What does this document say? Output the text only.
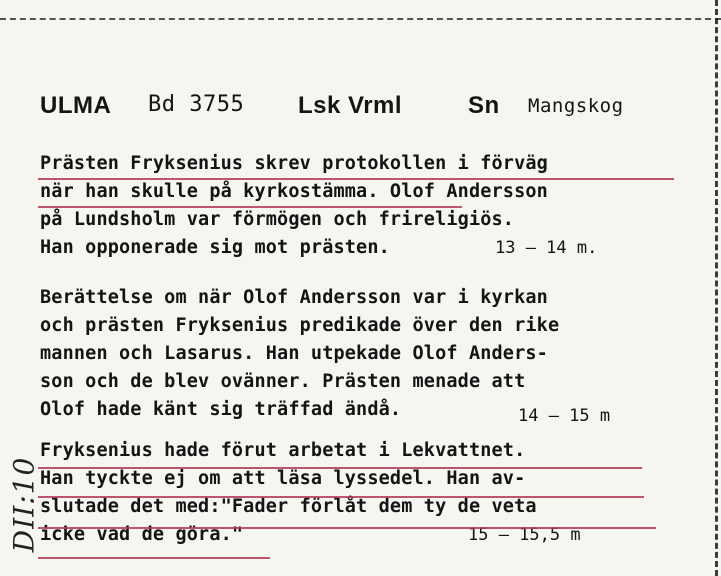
ULMA Bd 3755 Lsk Vrml	Sn Mangskog
Prästen Fryksenius skrev protokollen i förväg
när han skulle på kyrkostämma. Olof Andersson
på Lundsholm var förmögen och frireligiös.
Han opponerade sig mot prästen.	13 – 14 m.
Berättelse om när Olof Andersson var i kyrkan
och prästen Fryksenius predikade över den rike
mannen och Lasarus. Han utpekade Olof Anders-
son och de blev ovänner. Prästen menade att
Olof hade känt sig träffad ändå.	14 – 15 m
Fryksenius hade förut arbetat i Lekvattnet.
Han tyckte ej om att läsa lyssedel. Han av-
slutade det med:"Fader förlåt dem ty de veta
icke vad de göra."	15 – 15,5 m
DII:10
